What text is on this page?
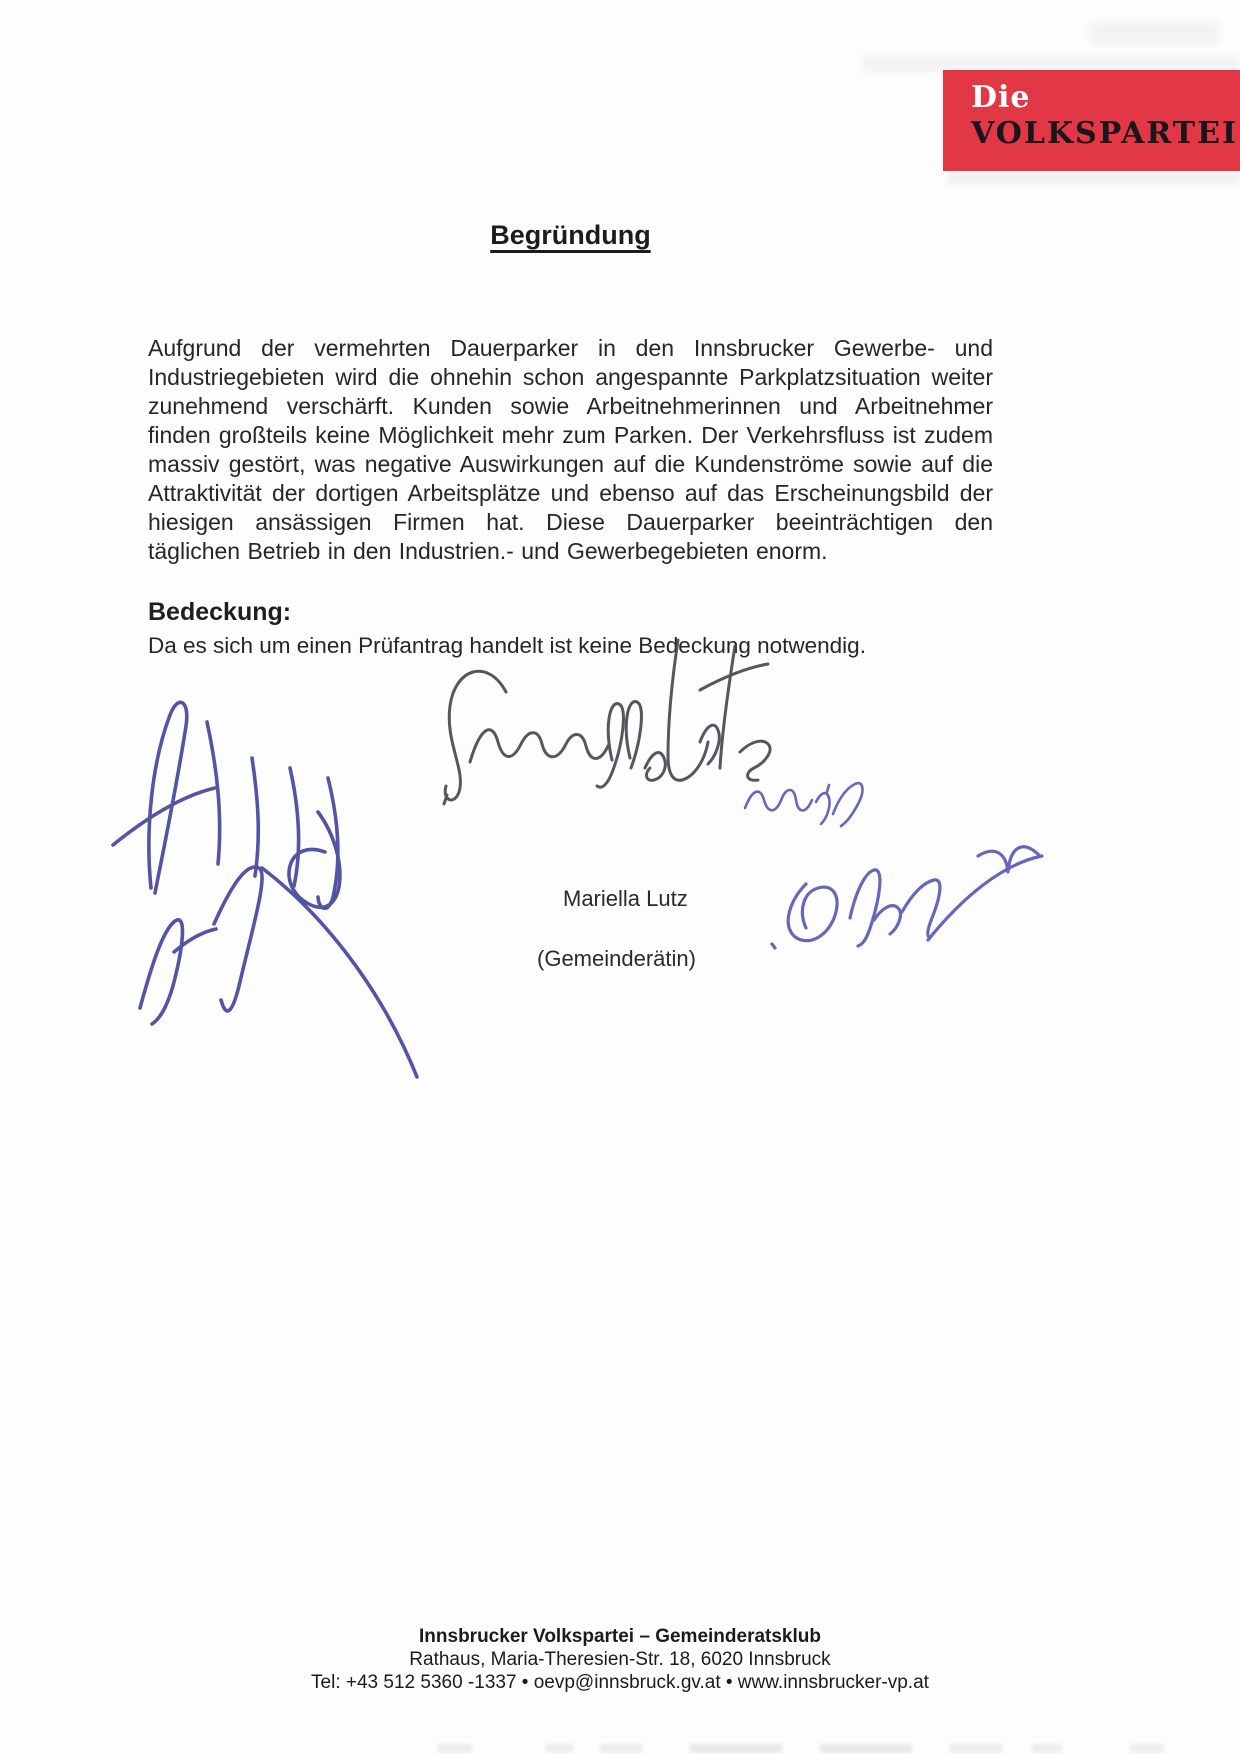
Die
VOLKSPARTEI
Begründung
Aufgrund der vermehrten Dauerparker in den Innsbrucker Gewerbe- und Industriegebieten wird die ohnehin schon angespannte Parkplatzsituation weiter zunehmend verschärft. Kunden sowie Arbeitnehmerinnen und Arbeitnehmer finden großteils keine Möglichkeit mehr zum Parken. Der Verkehrsfluss ist zudem massiv gestört, was negative Auswirkungen auf die Kundenströme sowie auf die Attraktivität der dortigen Arbeitsplätze und ebenso auf das Erscheinungsbild der hiesigen ansässigen Firmen hat. Diese Dauerparker beeinträchtigen den täglichen Betrieb in den Industrien.- und Gewerbegebieten enorm.
Bedeckung:
Da es sich um einen Prüfantrag handelt ist keine Bedeckung notwendig.
Mariella Lutz
(Gemeinderätin)
Innsbrucker Volkspartei – Gemeinderatsklub
Rathaus, Maria-Theresien-Str. 18, 6020 Innsbruck
Tel: +43 512 5360 -1337 • oevp@innsbruck.gv.at • www.innsbrucker-vp.at
